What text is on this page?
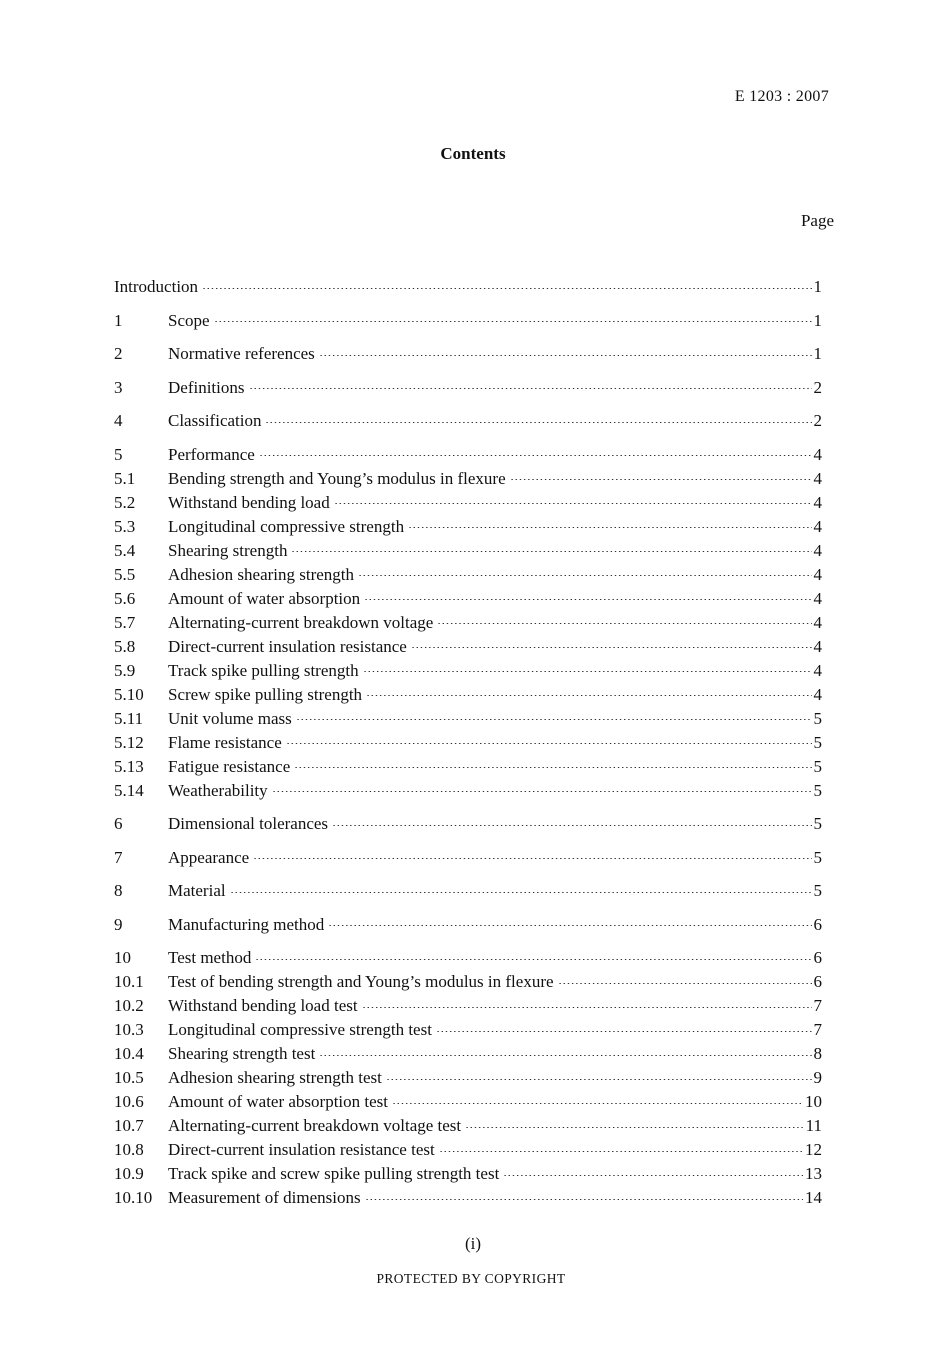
E 1203 : 2007
Contents
Page
Introduction	1
1	Scope	1
2	Normative references	1
3	Definitions	2
4	Classification	2
5	Performance	4
5.1	Bending strength and Young’s modulus in flexure	4
5.2	Withstand bending load	4
5.3	Longitudinal compressive strength	4
5.4	Shearing strength	4
5.5	Adhesion shearing strength	4
5.6	Amount of water absorption	4
5.7	Alternating-current breakdown voltage	4
5.8	Direct-current insulation resistance	4
5.9	Track spike pulling strength	4
5.10	Screw spike pulling strength	4
5.11	Unit volume mass	5
5.12	Flame resistance	5
5.13	Fatigue resistance	5
5.14	Weatherability	5
6	Dimensional tolerances	5
7	Appearance	5
8	Material	5
9	Manufacturing method	6
10	Test method	6
10.1	Test of bending strength and Young’s modulus in flexure	6
10.2	Withstand bending load test	7
10.3	Longitudinal compressive strength test	7
10.4	Shearing strength test	8
10.5	Adhesion shearing strength test	9
10.6	Amount of water absorption test	10
10.7	Alternating-current breakdown voltage test	11
10.8	Direct-current insulation resistance test	12
10.9	Track spike and screw spike pulling strength test	13
10.10 Measurement of dimensions	14
(i)
PROTECTED BY COPYRIGHT
